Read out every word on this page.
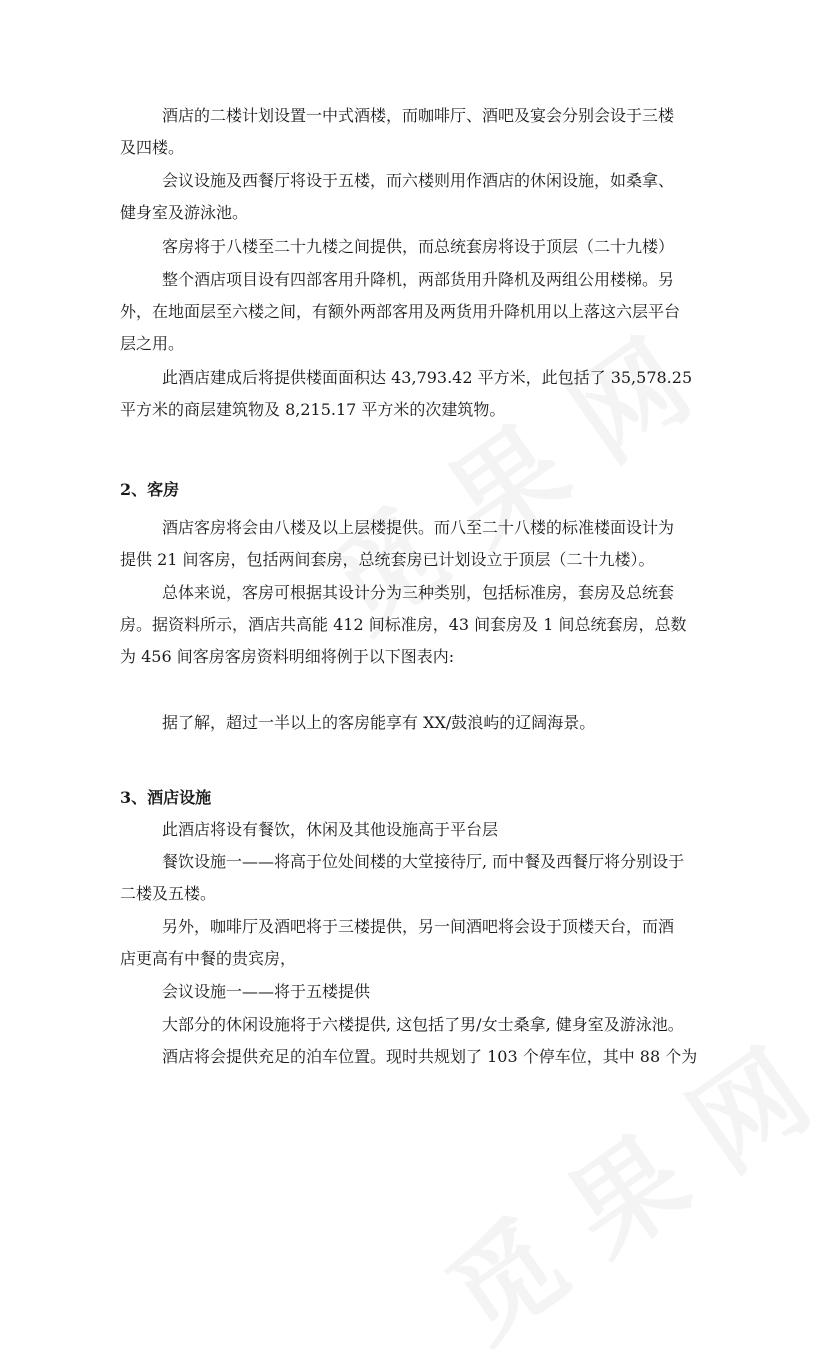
酒店的二楼计划设置一中式酒楼，而咖啡厅、酒吧及宴会分别会设于三楼
及四楼。
会议设施及西餐厅将设于五楼，而六楼则用作酒店的休闲设施，如桑拿、
健身室及游泳池。
客房将于八楼至二十九楼之间提供，而总统套房将设于顶层（二十九楼）
整个酒店项目设有四部客用升降机，两部货用升降机及两组公用楼梯。另
外，在地面层至六楼之间，有额外两部客用及两货用升降机用以上落这六层平台
层之用。
此酒店建成后将提供楼面面积达 43,793.42 平方米，此包括了 35,578.25
平方米的商层建筑物及 8,215.17 平方米的次建筑物。
2、客房
酒店客房将会由八楼及以上层楼提供。而八至二十八楼的标准楼面设计为
提供 21 间客房，包括两间套房，总统套房已计划设立于顶层（二十九楼）。
总体来说，客房可根据其设计分为三种类别，包括标准房，套房及总统套
房。据资料所示，酒店共高能 412 间标准房，43 间套房及 1 间总统套房，总数
为 456 间客房客房资料明细将例于以下图表内:
据了解，超过一半以上的客房能享有 XX/鼓浪屿的辽阔海景。
3、酒店设施
此酒店将设有餐饮，休闲及其他设施高于平台层
餐饮设施一——将高于位处间楼的大堂接待厅, 而中餐及西餐厅将分别设于
二楼及五楼。
另外，咖啡厅及酒吧将于三楼提供，另一间酒吧将会设于顶楼天台，而酒
店更高有中餐的贵宾房，
会议设施一——将于五楼提供
大部分的休闲设施将于六楼提供, 这包括了男/女士桑拿, 健身室及游泳池。
酒店将会提供充足的泊车位置。现时共规划了 103 个停车位，其中 88 个为
